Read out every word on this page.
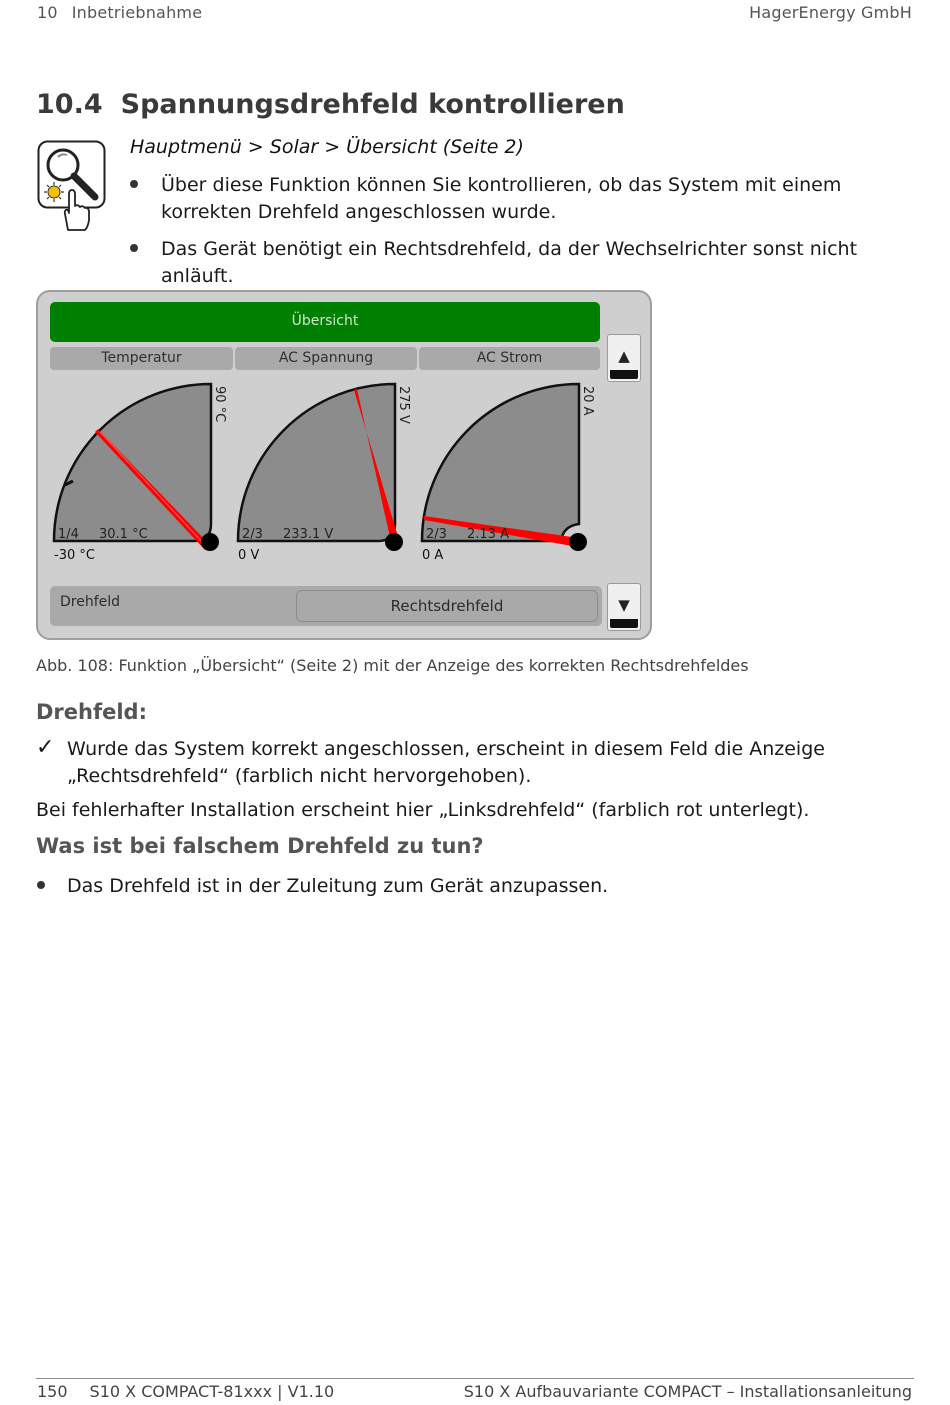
10 Inbetriebnahme	HagerEnergy GmbH
10.4 Spannungsdrehfeld kontrollieren
Hauptmenü > Solar > Übersicht (Seite 2)
Über diese Funktion können Sie kontrollieren, ob das System mit einem korrekten Drehfeld angeschlossen wurde.
Das Gerät benötigt ein Rechtsdrehfeld, da der Wechselrichter sonst nicht anläuft.
Übersicht
Temperatur	AC Spannung	AC Strom	▲
▼
90 °C
1/4 30.1 °C
-30 °C
275 V
2/3 233.1 V
0 V
20 A
2/3 2.13 A
0 A
Drehfeld	Rechtsdrehfeld
Abb. 108: Funktion „Übersicht“ (Seite 2) mit der Anzeige des korrekten Rechtsdrehfeldes
Drehfeld:
✓ Wurde das System korrekt angeschlossen, erscheint in diesem Feld die Anzeige „Rechtsdrehfeld“ (farblich nicht hervorgehoben).
Bei fehlerhafter Installation erscheint hier „Linksdrehfeld“ (farblich rot unterlegt).
Was ist bei falschem Drehfeld zu tun?
Das Drehfeld ist in der Zuleitung zum Gerät anzupassen.
150 S10 X COMPACT-81xxx | V1.10	S10 X Aufbauvariante COMPACT – Installationsanleitung
